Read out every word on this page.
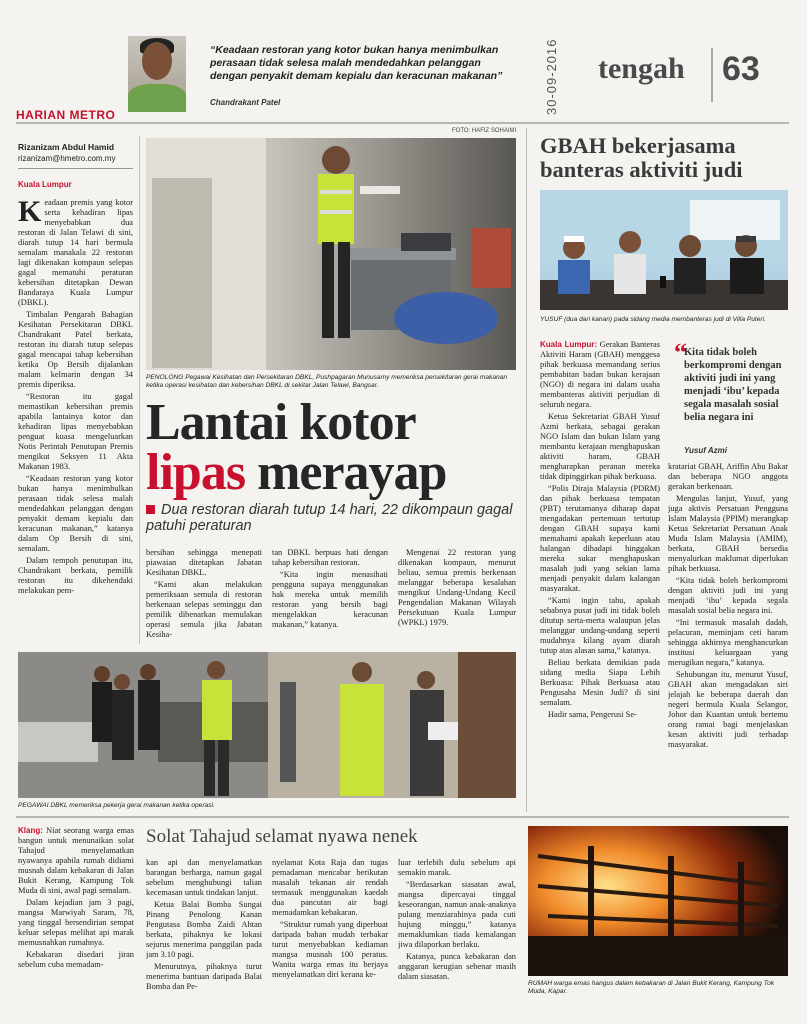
“Keadaan restoran yang kotor bukan hanya menimbulkan perasaan tidak selesa malah mendedahkan pelanggan dengan penyakit demam kepialu dan keracunan makanan”
Chandrakant Patel	30-09-2016	tengah 63
HARIAN METRO
FOTO: HAFIZ SOHAIMI
Rizanizam Abdul Hamid
rizanizam@hmetro.com.my
Kuala Lumpur

Keadaan premis yang kotor serta kehadiran lipas menyebabkan dua restoran di Jalan Telawi di sini, diarah tutup 14 hari bermula semalam manakala 22 restoran lagi dikenakan kompaun selepas gagal mematuhi peraturan kebersihan ditetapkan Dewan Bandaraya Kuala Lumpur (DBKL).

Timbalan Pengarah Bahagian Kesihatan Persekitaran DBKL Chandrakant Patel berkata, restoran itu diarah tutup selepas gagal mencapai tahap kebersihan ketika Op Bersih dijalankan malam kelmarin dengan 34 premis diperiksa.

“Restoran itu gagal memastikan kebersihan premis apabila lantainya kotor dan kehadiran lipas menyebabkan penguat kuasa mengeluarkan Notis Perintah Penutupan Premis mengikut Seksyen 11 Akta Makanan 1983.

“Keadaan restoran yang kotor bukan hanya menimbulkan perasaan tidak selesa malah mendedahkan pelanggan dengan penyakit demam kepialu dan keracunan makanan,” katanya dalam Op Bersih di sini, semalam.

Dalam tempoh penutupan itu, Chandrakant berkata, pemilik restoran itu dikehendaki melakukan pem-

PENOLONG Pegawai Kesihatan dan Persekitaran DBKL, Pushpagaran Munusamy memeriksa persekitaran gerai makanan ketika operasi kesihatan dan kebersihan DBKL di sekitar Jalan Telawi, Bangsar.
Lantai kotor
lipas merayap
Dua restoran diarah tutup 14 hari, 22 dikompaun gagal patuhi peraturan

bersihan sehingga menepati piawaian ditetapkan Jabatan Kesihatan DBKL.

“Kami akan melakukan pemeriksaan semula di restoran berkenaan selepas seminggu dan pemilik dibenarkan memulakan operasi semula jika Jabatan Kesiha-

tan DBKL berpuas hati dengan tahap kebersihan restoran.

“Kita ingin menasihati pengguna supaya menggunakan hak mereka untuk memilih restoran yang bersih bagi mengelakkan keracunan makanan,” katanya.

Mengenai 22 restoran yang dikenakan kompaun, menurut beliau, semua premis berkenaan melanggar beberapa kesalahan mengikut Undang-Undang Kecil Pengendalian Makanan Wilayah Persekutuan Kuala Lumpur (WPKL) 1979.

PEGAWAI DBKL memeriksa pekerja gerai makanan ketika operasi.
GBAH bekerjasama banteras aktiviti judi
YUSUF (dua dari kanan) pada sidang media membanteras judi di Villa Puteri.

Kuala Lumpur: Gerakan Banteras Aktiviti Haram (GBAH) menggesa pihak berkuasa memandang serius pembabitan badan bukan kerajaan (NGO) di negara ini dalam usaha membanteras aktiviti perjudian di seluruh negara.

Ketua Sekretariat GBAH Yusuf Azmi berkata, sebagai gerakan NGO Islam dan bukan Islam yang membantu kerajaan menghapuskan aktiviti haram, GBAH mengharapkan peranan mereka tidak dipinggirkan pihak berkuasa.

“Polis Diraja Malaysia (PDRM) dan pihak berkuasa tempatan (PBT) terutamanya diharap dapat mengadakan pertemuan tertutup dengan GBAH supaya kami memahami apakah keperluan atau halangan dihadapi hinggakan mereka sukar menghapuskan masalah judi yang sekian lama menjadi penyakit dalam kalangan masyarakat.

“Kami ingin tahu, apakah sebabnya pusat judi ini tidak boleh ditutup serta-merta walaupun jelas melanggar undang-undang seperti mudahnya kilang ayam diarah tutup atas alasan sama,” katanya.

Beliau berkata demikian pada sidang media Siapa Lebih Berkuasa: Pihak Berkuasa atau Pengusaha Mesin Judi? di sini semalam.

Hadir sama, Pengerusi Se-

“
Kita tidak boleh berkompromi dengan aktiviti judi ini yang menjadi ‘ibu’ kepada segala masalah sosial belia negara ini
Yusuf Azmi

kratariat GBAH, Ariffin Abu Bakar dan beberapa NGO anggota gerakan berkenaan.

Mengulas lanjut, Yusuf, yang juga aktivis Persatuan Pengguna Islam Malaysia (PPIM) merangkap Ketua Sekretariat Persatuan Anak Muda Islam Malaysia (AMIM), berkata, GBAH bersedia menyalurkan maklumat diperlukan pihak berkuasa.

“Kita tidak boleh berkompromi dengan aktiviti judi ini yang menjadi ‘ibu’ kepada segala masalah sosial belia negara ini.

“Ini termasuk masalah dadah, pelacuran, meminjam ceti haram sehingga akhirnya menghancurkan institusi keluargaan yang merugikan negara,” katanya.

Sehubungan itu, menurut Yusuf, GBAH akan mengadakan siri jelajah ke beberapa daerah dan negeri bermula Kuala Selangor, Johor dan Kuantan untuk bertemu orang ramai bagi menjelaskan kesan aktiviti judi terhadap masyarakat.

Solat Tahajud selamat nyawa nenek

Klang: Niat seorang warga emas bangun untuk menunaikan solat Tahajud menyelamatkan nyawanya apabila rumah didiami musnah dalam kebakaran di Jalan Bukit Kerang, Kampung Tok Muda di sini, awal pagi semalam.

Dalam kejadian jam 3 pagi, mangsa Marwiyah Saram, 78, yang tinggal bersendirian sempat keluar selepas melihat api marak memusnahkan rumahnya.

Kebakaran disedari jiran sebelum cuba memadam-

kan api dan menyelamatkan barangan berharga, namun gagal sebelum menghubungi talian kecemasan untuk tindakan lanjut.

Ketua Balai Bomba Sungai Pinang Penolong Kanan Pengutasa Bomba Zaidi Ahtan berkata, pihaknya ke lokasi sejurus menerima panggilan pada jam 3.10 pagi.

Menurutnya, pihaknya turut menerima bantuan daripada Balai Bomba dan Pe-

nyelamat Kota Raja dan tugas pemadaman mencabar berikutan masalah tekanan air rendah termasuk menggunakan kaedah dua pancutan air bagi memadamkan kebakaran.

“Struktur rumah yang diperbuat daripada bahan mudah terbakar turut menyebabkan kediaman mangsa musnah 100 peratus. Wanita warga emas itu berjaya menyelamatkan diri kerana ke-

luar terlebih dulu sebelum api semakin marak.

“Berdasarkan siasatan awal, mangsa dipercayai tinggal keseorangan, namun anak-anaknya pulang menziarahinya pada cuti hujung minggu,” katanya memaklumkan tiada kemalangan jiwa dilaporkan berlaku.

Katanya, punca kebakaran dan anggaran kerugian sebenar masih dalam siasatan.

RUMAH warga emas hangus dalam kebakaran di Jalan Bukit Kerang, Kampung Tok Muda, Kapar.
